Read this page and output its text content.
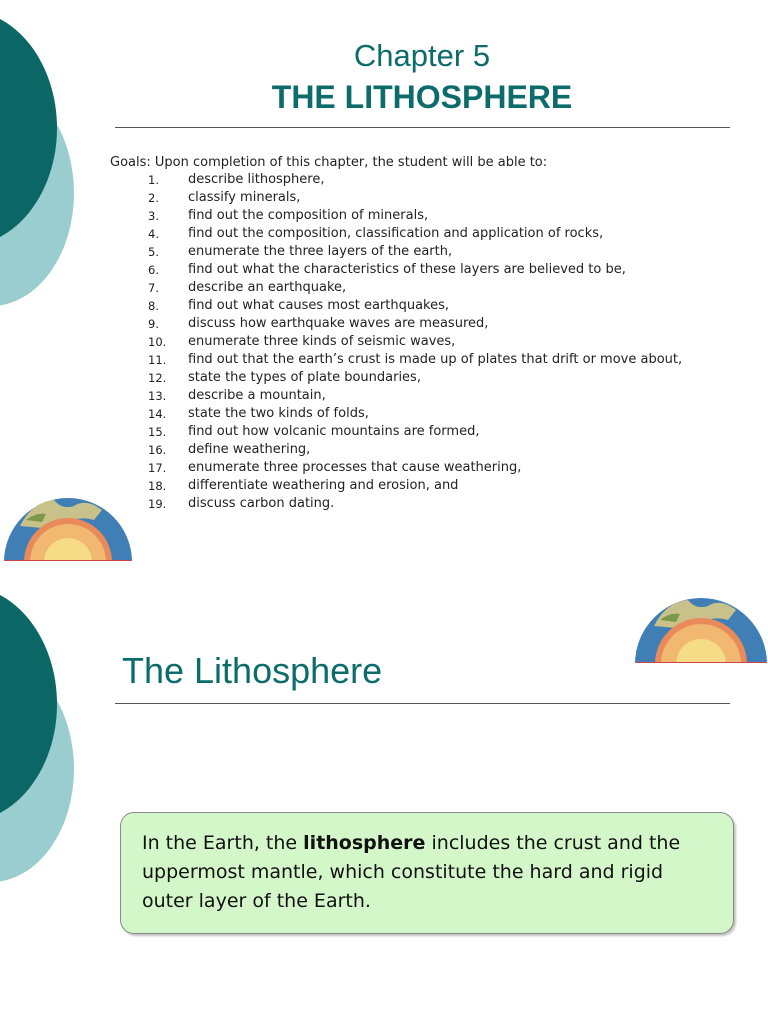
Chapter 5
THE LITHOSPHERE

Goals: Upon completion of this chapter, the student will be able to:

1.	describe lithosphere,
2.	classify minerals,
3.	find out the composition of minerals,
4.	find out the composition, classification and application of rocks,
5.	enumerate the three layers of the earth,
6.	find out what the characteristics of these layers are believed to be,
7.	describe an earthquake,
8.	find out what causes most earthquakes,
9.	discuss how earthquake waves are measured,
10.	enumerate three kinds of seismic waves,
11.	find out that the earth’s crust is made up of plates that drift or move about,
12.	state the types of plate boundaries,
13.	describe a mountain,
14.	state the two kinds of folds,
15.	find out how volcanic mountains are formed,
16.	define weathering,
17.	enumerate three processes that cause weathering,
18.	differentiate weathering and erosion, and
19.	discuss carbon dating.
The Lithosphere
In the Earth, the lithosphere includes the crust and the uppermost mantle, which constitute the hard and rigid outer layer of the Earth.
